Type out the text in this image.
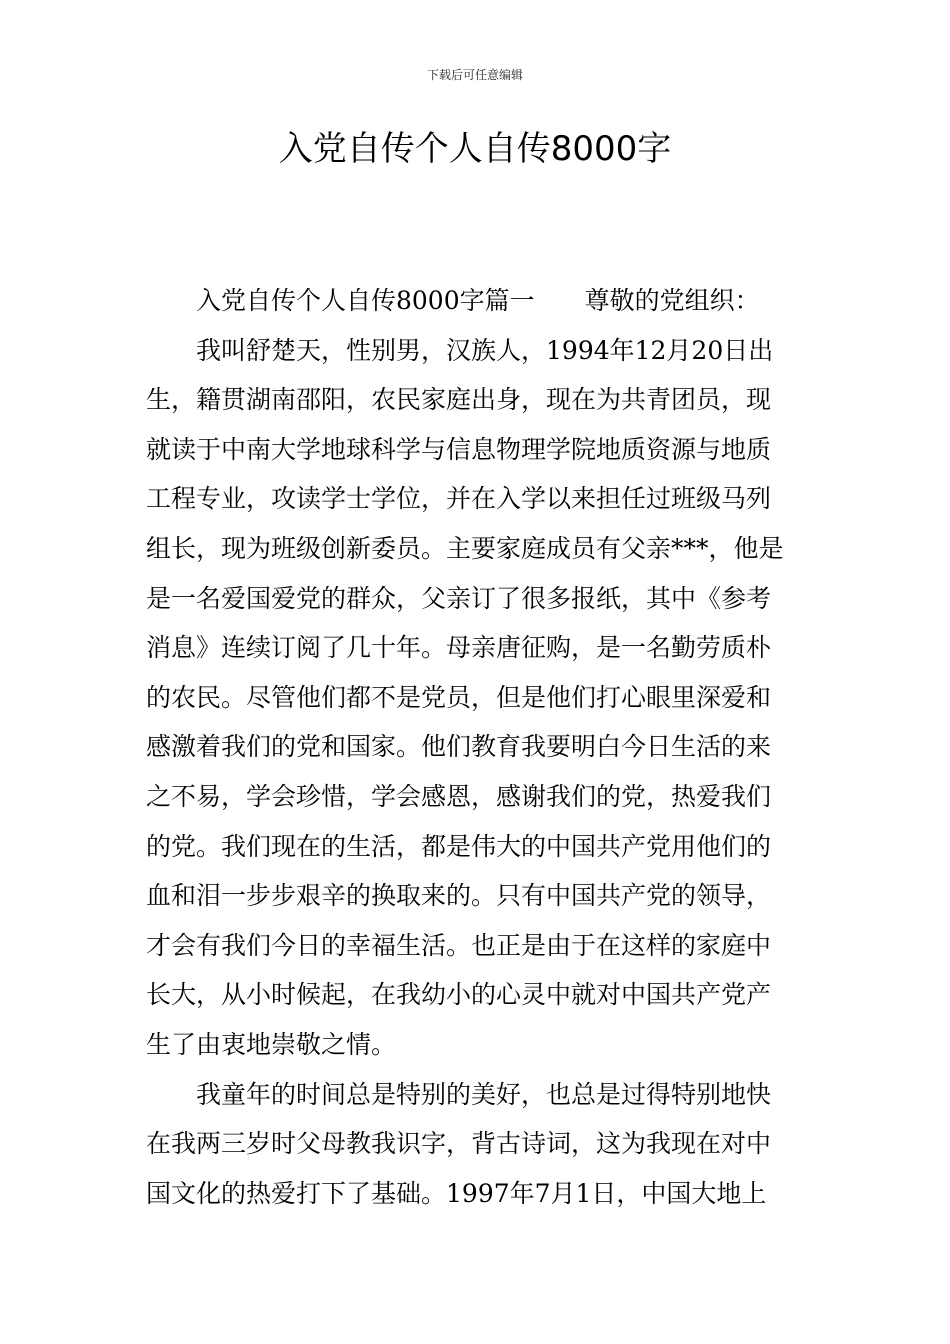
下载后可任意编辑
入党自传个人自传8000字
入党自传个人自传8000字篇一 尊敬的党组织：
我叫舒楚天，性别男，汉族人，1994年12月20日出
生，籍贯湖南邵阳，农民家庭出身，现在为共青团员，现
就读于中南大学地球科学与信息物理学院地质资源与地质
工程专业，攻读学士学位，并在入学以来担任过班级马列
组长，现为班级创新委员。主要家庭成员有父亲***，他是
是一名爱国爱党的群众，父亲订了很多报纸，其中《参考
消息》连续订阅了几十年。母亲唐征购，是一名勤劳质朴
的农民。尽管他们都不是党员，但是他们打心眼里深爱和
感激着我们的党和国家。他们教育我要明白今日生活的来
之不易，学会珍惜，学会感恩，感谢我们的党，热爱我们
的党。我们现在的生活，都是伟大的中国共产党用他们的
血和泪一步步艰辛的换取来的。只有中国共产党的领导，
才会有我们今日的幸福生活。也正是由于在这样的家庭中
长大，从小时候起，在我幼小的心灵中就对中国共产党产
生了由衷地崇敬之情。
我童年的时间总是特别的美好，也总是过得特别地快
在我两三岁时父母教我识字，背古诗词，这为我现在对中
国文化的热爱打下了基础。1997年7月1日，中国大地上
